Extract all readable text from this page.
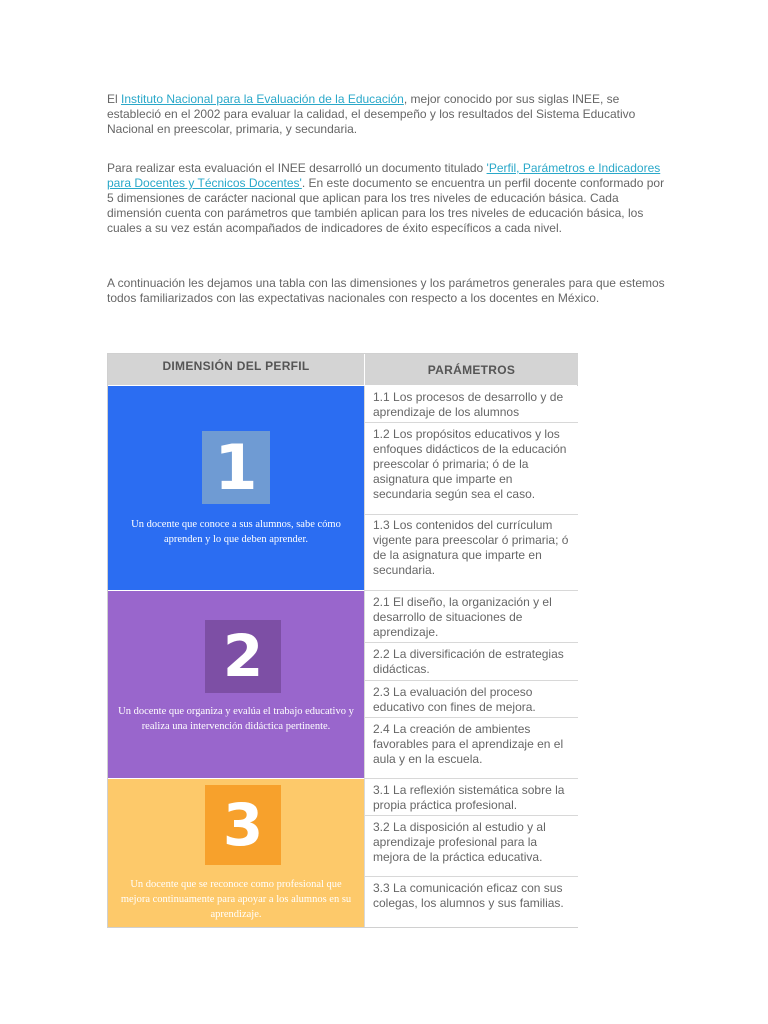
El Instituto Nacional para la Evaluación de la Educación, mejor conocido por sus siglas INEE, se estableció en el 2002 para evaluar la calidad, el desempeño y los resultados del Sistema Educativo Nacional en preescolar, primaria, y secundaria.

Para realizar esta evaluación el INEE desarrolló un documento titulado 'Perfil, Parámetros e Indicadores para Docentes y Técnicos Docentes'. En este documento se encuentra un perfil docente conformado por 5 dimensiones de carácter nacional que aplican para los tres niveles de educación básica. Cada dimensión cuenta con parámetros que también aplican para los tres niveles de educación básica, los cuales a su vez están acompañados de indicadores de éxito específicos a cada nivel.

A continuación les dejamos una tabla con las dimensiones y los parámetros generales para que estemos todos familiarizados con las expectativas nacionales con respecto a los docentes en México.

DIMENSIÓN DEL PERFIL	PARÁMETROS
1
Un docente que conoce a sus alumnos, sabe cómo aprenden y lo que deben aprender.
1.1 Los procesos de desarrollo y de aprendizaje de los alumnos
1.2 Los propósitos educativos y los enfoques didácticos de la educación preescolar ó primaria; ó de la asignatura que imparte en secundaria según sea el caso.
1.3 Los contenidos del currículum vigente para preescolar ó primaria; ó de la asignatura que imparte en secundaria.
2
Un docente que organiza y evalúa el trabajo educativo y realiza una intervención didáctica pertinente.
2.1 El diseño, la organización y el desarrollo de situaciones de aprendizaje.
2.2 La diversificación de estrategias didácticas.
2.3 La evaluación del proceso educativo con fines de mejora.
2.4 La creación de ambientes favorables para el aprendizaje en el aula y en la escuela.
3
Un docente que se reconoce como profesional que mejora continuamente para apoyar a los alumnos en su aprendizaje.
3.1 La reflexión sistemática sobre la propia práctica profesional.
3.2 La disposición al estudio y al aprendizaje profesional para la mejora de la práctica educativa.
3.3 La comunicación eficaz con sus colegas, los alumnos y sus familias.
